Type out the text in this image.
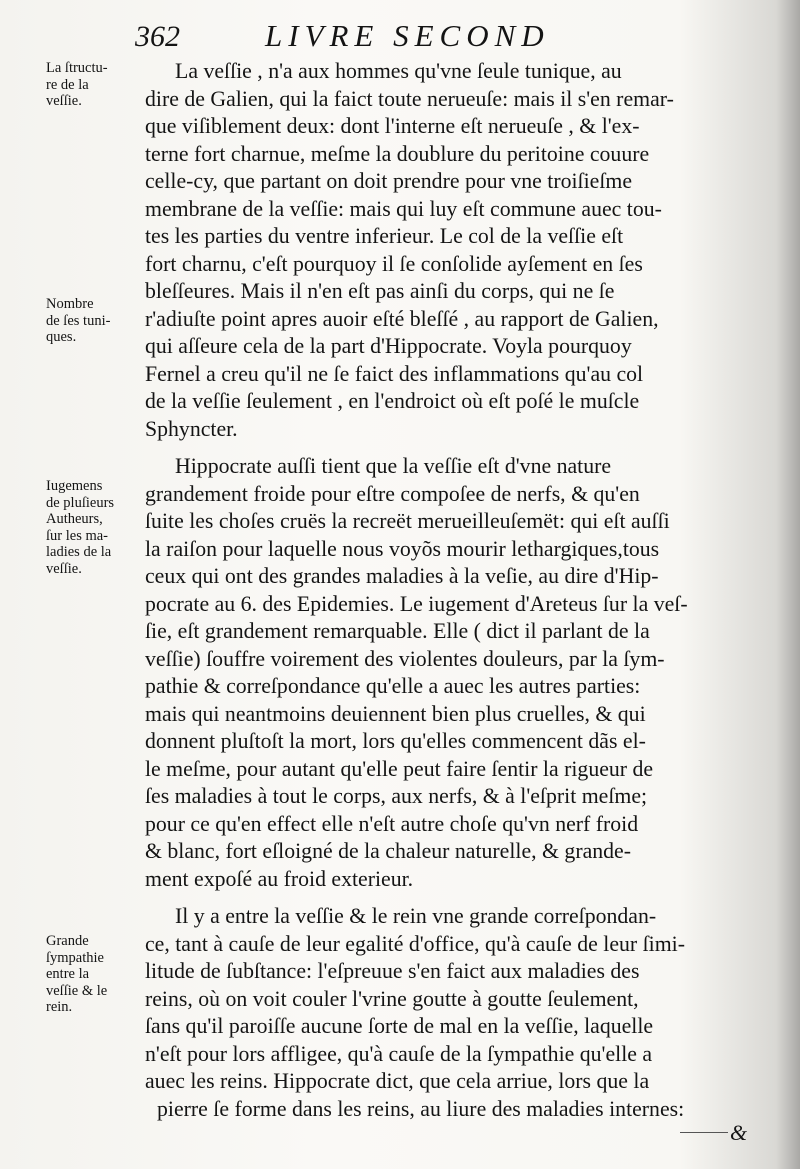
362	LIVRE SECOND
La ſtructu-
re de la
veſſie.
Nombre
de ſes tuni-
ques.
Iugemens
de pluſieurs
Autheurs,
ſur les ma-
ladies de la
veſſie.
Grande
ſympathie
entre la
veſſie & le
rein.
La veſſie , n'a aux hommes qu'vne ſeule tunique, au
dire de Galien, qui la faict toute nerueuſe: mais il s'en remar-
que viſiblement deux: dont l'interne eſt nerueuſe , & l'ex-
terne fort charnue, meſme la doublure du peritoine couure
celle-cy, que partant on doit prendre pour vne troiſieſme
membrane de la veſſie: mais qui luy eſt commune auec tou-
tes les parties du ventre inferieur. Le col de la veſſie eſt
fort charnu, c'eſt pourquoy il ſe conſolide ayſement en ſes
bleſſeures. Mais il n'en eſt pas ainſi du corps, qui ne ſe
r'adiuſte point apres auoir eſté bleſſé , au rapport de Galien,
qui aſſeure cela de la part d'Hippocrate. Voyla pourquoy
Fernel a creu qu'il ne ſe faict des inflammations qu'au col
de la veſſie ſeulement , en l'endroict où eſt poſé le muſcle
Sphyncter.
Hippocrate auſſi tient que la veſſie eſt d'vne nature
grandement froide pour eſtre compoſee de nerfs, & qu'en
ſuite les choſes cruës la recreët merueilleuſemët: qui eſt auſſi
la raiſon pour laquelle nous voyõs mourir lethargiques,tous
ceux qui ont des grandes maladies à la veſie, au dire d'Hip-
pocrate au 6. des Epidemies. Le iugement d'Areteus ſur la veſ-
ſie, eſt grandement remarquable. Elle ( dict il parlant de la
veſſie) ſouffre voirement des violentes douleurs, par la ſym-
pathie & correſpondance qu'elle a auec les autres parties:
mais qui neantmoins deuiennent bien plus cruelles, & qui
donnent pluſtoſt la mort, lors qu'elles commencent dãs el-
le meſme, pour autant qu'elle peut faire ſentir la rigueur de
ſes maladies à tout le corps, aux nerfs, & à l'eſprit meſme;
pour ce qu'en effect elle n'eſt autre choſe qu'vn nerf froid
& blanc, fort eſloigné de la chaleur naturelle, & grande-
ment expoſé au froid exterieur.
Il y a entre la veſſie & le rein vne grande correſpondan-
ce, tant à cauſe de leur egalité d'office, qu'à cauſe de leur ſimi-
litude de ſubſtance: l'eſpreuue s'en faict aux maladies des
reins, où on voit couler l'vrine goutte à goutte ſeulement,
ſans qu'il paroiſſe aucune ſorte de mal en la veſſie, laquelle
n'eſt pour lors affligee, qu'à cauſe de la ſympathie qu'elle a
auec les reins. Hippocrate dict, que cela arriue, lors que la
pierre ſe forme dans les reins, au liure des maladies internes:
&
